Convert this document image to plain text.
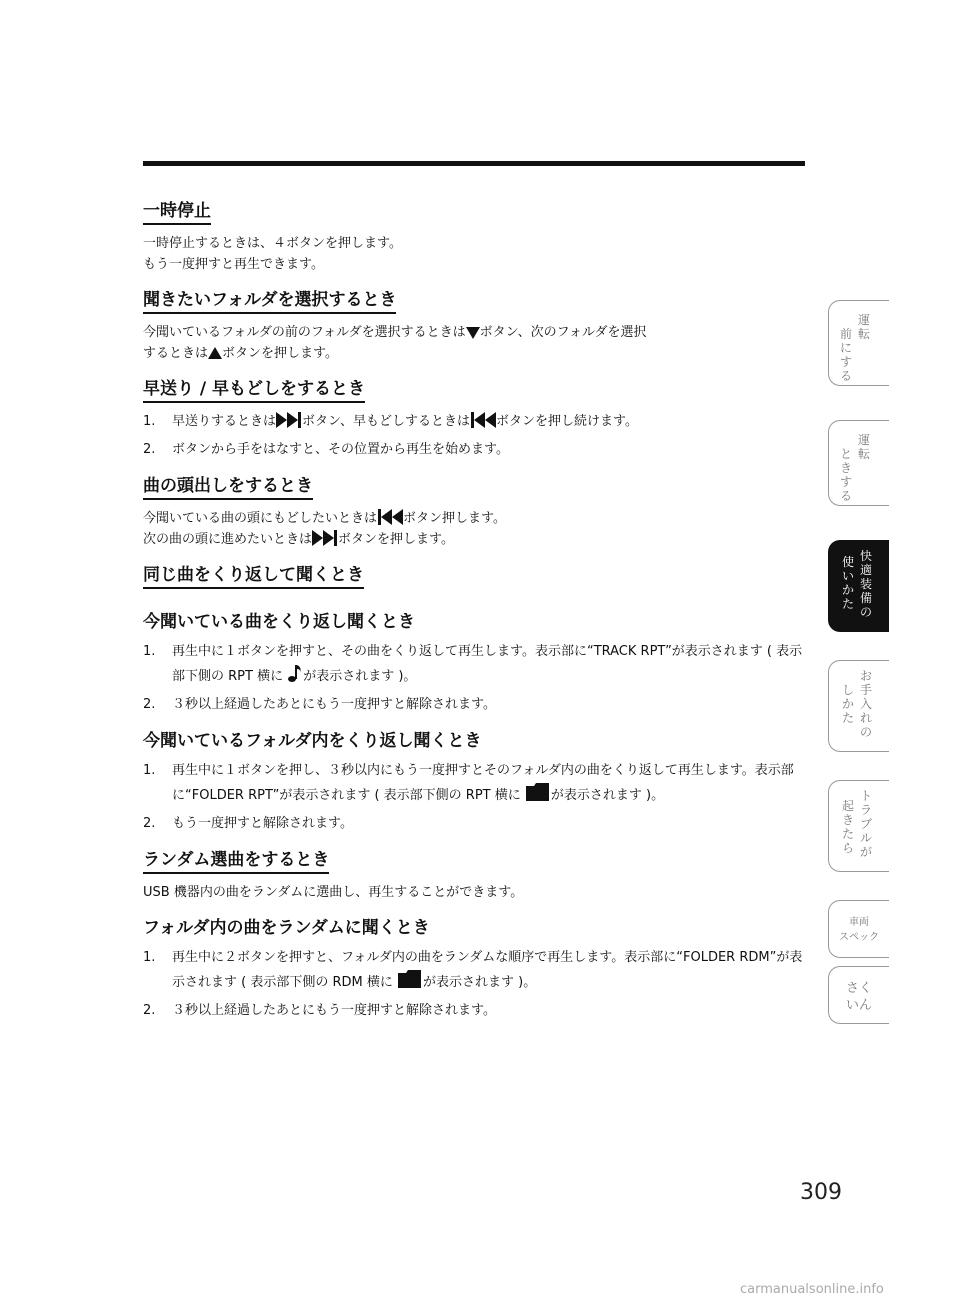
一時停止

一時停止するときは、４ボタンを押します。

もう一度押すと再生できます。

聞きたいフォルダを選択するとき

今聞いているフォルダの前のフォルダを選択するときは ボタン、次のフォルダを選択
するときは ボタンを押します。

早送り / 早もどしをするとき
1. 早送りするときは ボタン、早もどしするときは ボタンを押し続けます。
2. ボタンから手をはなすと、その位置から再生を始めます。
曲の頭出しをするとき

今聞いている曲の頭にもどしたいときは ボタン押します。

次の曲の頭に進めたいときは ボタンを押します。

同じ曲をくり返して聞くとき
今聞いている曲をくり返し聞くとき
1. 再生中に１ボタンを押すと、その曲をくり返して再生します。表示部に“TRACK RPT”が表示されます ( 表示部下側の RPT 横に が表示されます )。
2. ３秒以上経過したあとにもう一度押すと解除されます。
今聞いているフォルダ内をくり返し聞くとき
1. 再生中に１ボタンを押し、３秒以内にもう一度押すとそのフォルダ内の曲をくり返して再生します。表示部に“FOLDER RPT”が表示されます ( 表示部下側の RPT 横に が表示されます )。
2. もう一度押すと解除されます。
ランダム選曲をするとき

USB 機器内の曲をランダムに選曲し、再生することができます。

フォルダ内の曲をランダムに聞くとき
1. 再生中に２ボタンを押すと、フォルダ内の曲をランダムな順序で再生します。表示部に“FOLDER RDM”が表示されます ( 表示部下側の RDM 横に が表示されます )。
2. ３秒以上経過したあとにもう一度押すと解除されます。
運転
前にする
運転
ときする
快適装備の
使いかた
お手入れの
しかた
トラブルが
起きたら
車両
スペック
さく
いん
309
carmanualsonline.info
